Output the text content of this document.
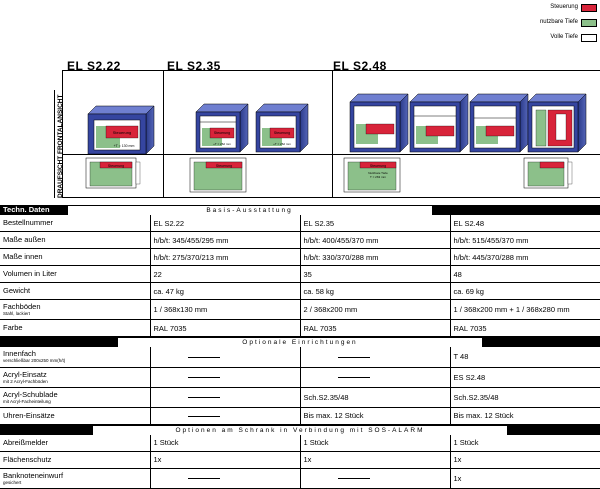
Steuerung
nutzbare Tiefe
Volle Tiefe
EL S2.22	EL S2.35	EL S2.48
Steuerung
+T = 130 mm
Steuerung
+T = 262 mm
Steuerung
+T = 262 mm
Steuerung	Steuerung	Steuerung
Nutzbare Tiefe
T = 263 mm
FRONTALANSICHT
DRAUFSICHT
Techn. Daten Basis-Ausstattung			

Bestellnummer	EL S2.22	EL S2.35	EL S2.48

Maße außen	h/b/t: 345/455/295 mm	h/b/t: 400/455/370 mm	h/b/t: 515/455/370 mm

Maße innen	h/b/t: 275/370/213 mm	h/b/t: 330/370/288 mm	h/b/t: 445/370/288 mm

Volumen in Liter	22	35	48

Gewicht	ca. 47 kg	ca. 58 kg	ca. 69 kg

Fachböden
Stahl, lackiert	1 / 368x130 mm	2 / 368x200 mm	1 / 368x200 mm + 1 / 368x280 mm

Farbe	RAL 7035	RAL 7035	RAL 7035
Optionale Einrichtungen			

Innenfach
verschließbar 200x250 mm(h/t)			T 48

Acryl-Einsatz
mit 2 Acryl-Fachböden			ES S2.48

Acryl-Schublade
mit Acryl-Facheinteilung		Sch.S2.35/48	Sch.S2.35/48

Uhren-Einsätze		Bis max. 12 Stück	Bis max. 12 Stück
Optionen am Schrank in Verbindung mit SOS-ALARM			

Abreißmelder	1 Stück	1 Stück	1 Stück

Flächenschutz	1x	1x	1x

Banknoteneinwurf
gesichert			1x
